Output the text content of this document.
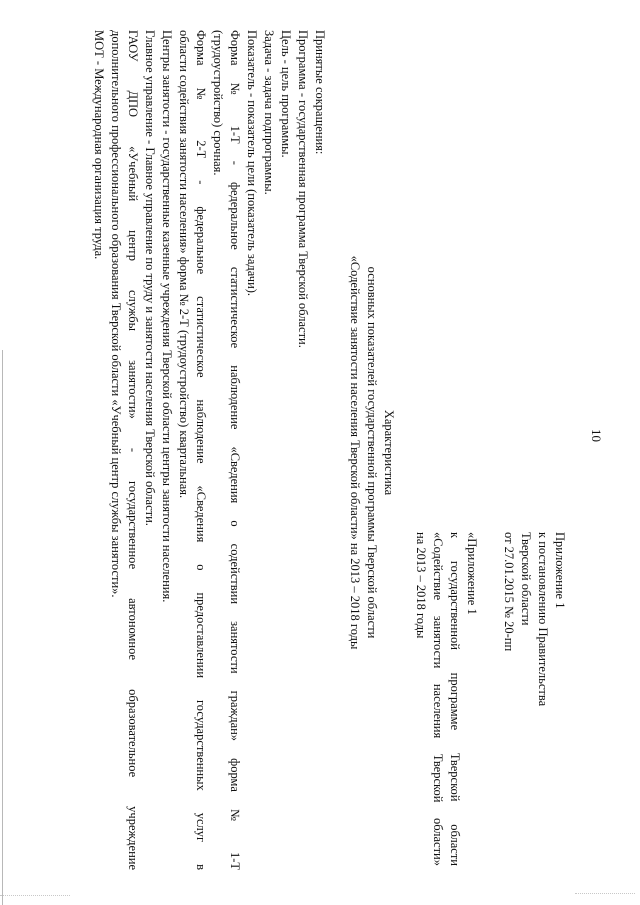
10
Приложение 1
к постановлению Правительства
Тверской области
от 27.01.2015 № 20-пп
«Приложение 1
к государственной программе Тверской области
«Содействие занятости населения Тверской области»
на 2013 – 2018 годы
Характеристика
основных показателей государственной программы Тверской области
«Содействие занятости населения Тверской области» на 2013 – 2018 годы
Принятые сокращения:
Программа - государственная программа Тверской области.
Цель - цель программы.
Задача - задача подпрограммы.
Показатель - показатель цели (показатель задачи).
Форма № 1-Т - федеральное статистическое наблюдение «Сведения о содействии занятости граждан» форма № 1-Т
(трудоустройство) срочная.
Форма № 2-Т - федеральное статистическое наблюдение «Сведения о предоставлении государственных услуг в
области содействия занятости населения» форма № 2-Т (трудоустройство) квартальная.
Центры занятости - государственные казенные учреждения Тверской области центры занятости населения.
Главное управление - Главное управление по труду и занятости населения Тверской области.
ГАОУ ДПО «Учебный центр службы занятости» - государственное автономное образовательное учреждение
дополнительного профессионального образования Тверской области «Учебный центр службы занятости».
МОТ - Международная организация труда.
